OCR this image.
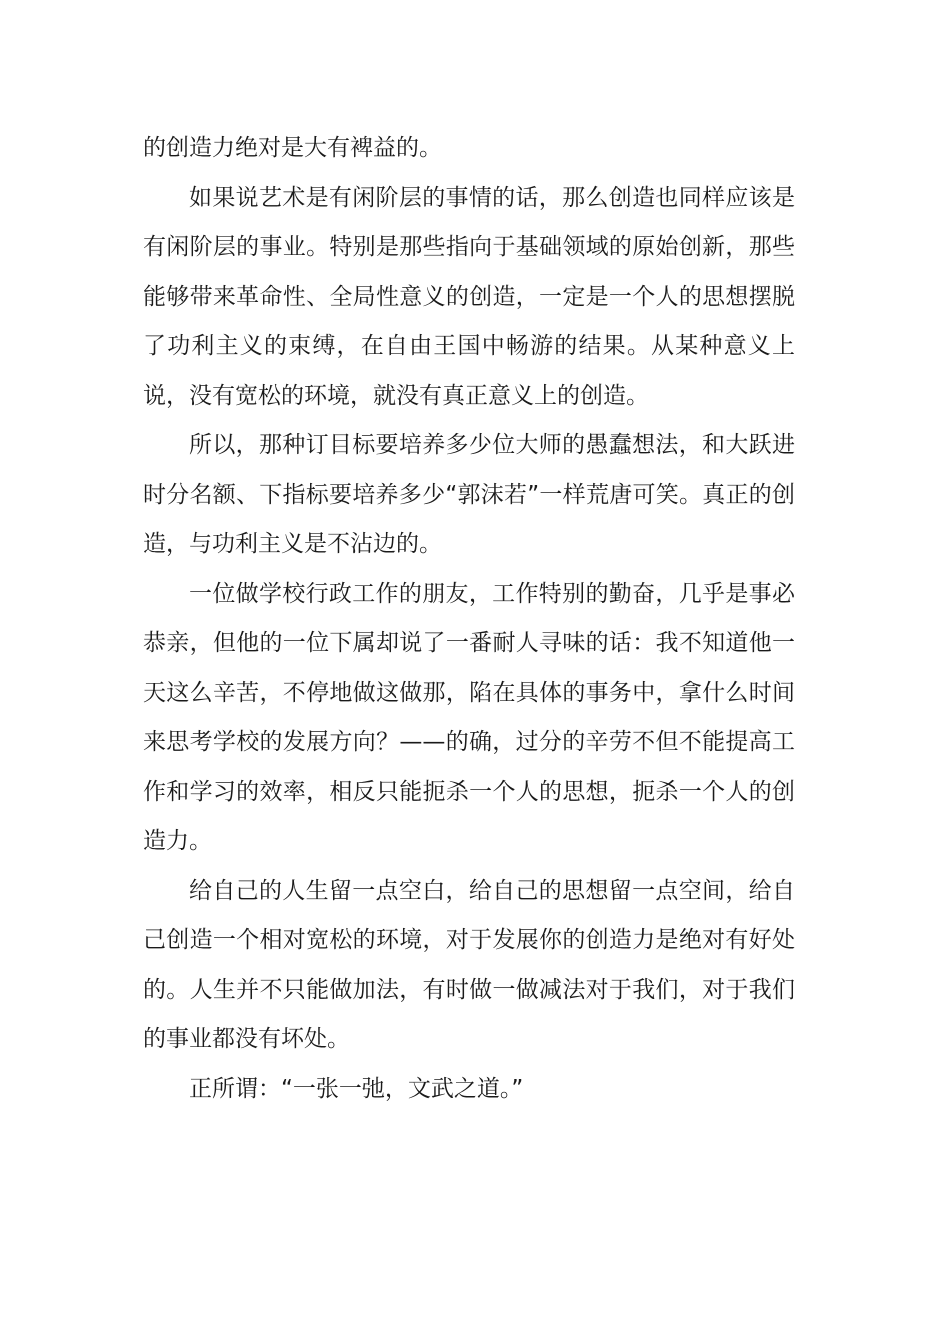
的创造力绝对是大有裨益的。

如果说艺术是有闲阶层的事情的话，那么创造也同样应该是有闲阶层的事业。特别是那些指向于基础领域的原始创新，那些能够带来革命性、全局性意义的创造，一定是一个人的思想摆脱了功利主义的束缚，在自由王国中畅游的结果。从某种意义上说，没有宽松的环境，就没有真正意义上的创造。

所以，那种订目标要培养多少位大师的愚蠢想法，和大跃进时分名额、下指标要培养多少“郭沫若”一样荒唐可笑。真正的创造，与功利主义是不沾边的。

一位做学校行政工作的朋友，工作特别的勤奋，几乎是事必恭亲，但他的一位下属却说了一番耐人寻味的话：我不知道他一天这么辛苦，不停地做这做那，陷在具体的事务中，拿什么时间来思考学校的发展方向？——的确，过分的辛劳不但不能提高工作和学习的效率，相反只能扼杀一个人的思想，扼杀一个人的创造力。

给自己的人生留一点空白，给自己的思想留一点空间，给自己创造一个相对宽松的环境，对于发展你的创造力是绝对有好处的。人生并不只能做加法，有时做一做减法对于我们，对于我们的事业都没有坏处。

正所谓：“一张一弛，文武之道。”
